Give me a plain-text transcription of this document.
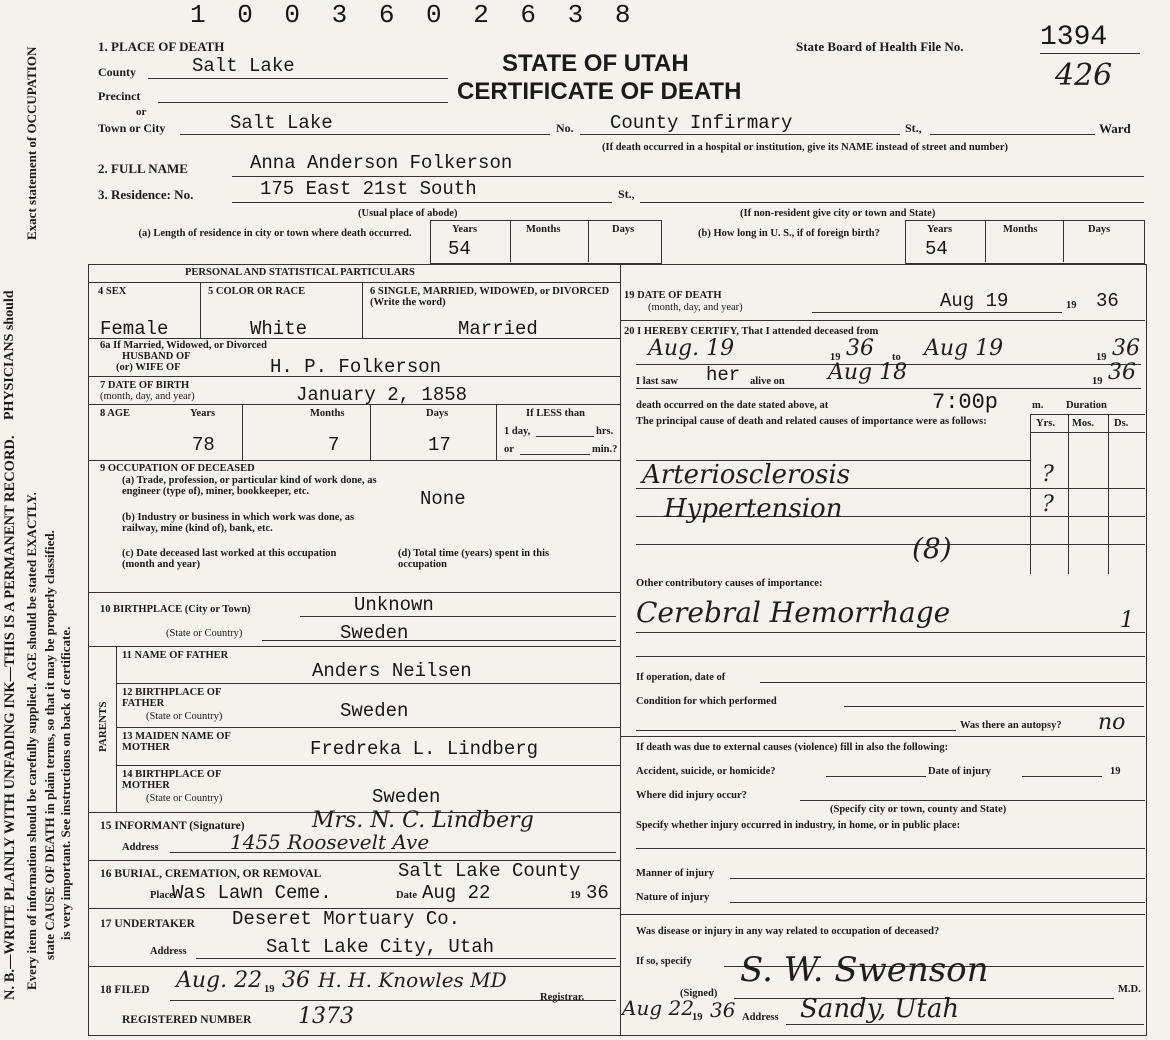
1 0 0 3 6 0 2 6 3 8
N. B.—WRITE PLAINLY WITH UNFADING INK—THIS IS A PERMANENT RECORD.
PHYSICIANS should
Every item of information should be carefully supplied. AGE should be stated EXACTLY.
Exact statement of OCCUPATION
state CAUSE OF DEATH in plain terms, so that it may be properly classified. is very important. See instructions on back of certificate.
1. PLACE OF DEATH
STATE OF UTAH
CERTIFICATE OF DEATH
State Board of Health File No.	1394
426
County	Salt Lake
Precinct
or
Town or City	Salt Lake	No. County Infirmary	St.,	Ward
(If death occurred in a hospital or institution, give its NAME instead of street and number)
2. FULL NAME	Anna Anderson Folkerson
3. Residence: No.	175 East 21st South	St.,
(Usual place of abode)	(If non-resident give city or town and State)
(a) Length of residence in city or town where death occurred.	Years	Months	Days
54
(b) How long in U. S., if of foreign birth?	Years	Months	Days
54
PERSONAL AND STATISTICAL PARTICULARS
4 SEX	5 COLOR OR RACE	6 SINGLE, MARRIED, WIDOWED, or DIVORCED (Write the word)
Female	White	Married
6a If Married, Widowed, or Divorced
HUSBAND OF
(or) WIFE OF	H. P. Folkerson
7 DATE OF BIRTH
(month, day, and year)	January 2, 1858
8 AGE	Years	Months	Days	If LESS than
1 day,	hrs.
or	min.?
78	7	17
9 OCCUPATION OF DECEASED
(a) Trade, profession, or particular kind of work done, as engineer (type of), miner, bookkeeper, etc.	None
(b) Industry or business in which work was done, as railway, mine (kind of), bank, etc.
(c) Date deceased last worked at this occupation (month and year)
(d) Total time (years) spent in this occupation
10 BIRTHPLACE (City or Town)	Unknown
(State or Country)	Sweden
PARENTS
11 NAME OF FATHER
Anders Neilsen
12 BIRTHPLACE OF FATHER
(State or Country)	Sweden
13 MAIDEN NAME OF MOTHER	Fredreka L. Lindberg
14 BIRTHPLACE OF MOTHER
(State or Country)	Sweden
15 INFORMANT (Signature)	Mrs. N. C. Lindberg
Address	1455 Roosevelt Ave
16 BURIAL, CREMATION, OR REMOVAL	Salt Lake County
Place
Was Lawn Ceme.	Date Aug 22	19 36
17 UNDERTAKER Deseret Mortuary Co.
Address	Salt Lake City, Utah
18 FILED Aug. 22 19 36 H. H. Knowles MD
Registrar.
REGISTERED NUMBER 1373
19 DATE OF DEATH
(month, day, and year)	Aug 19	19 36
20 I HEREBY CERTIFY, That I attended deceased from
Aug. 19	19 36 to Aug 19	19 36
I last saw her alive on Aug 18	19 36
death occurred on the date stated above, at	7:00p	m. Duration
The principal cause of death and related causes of importance were as follows:	Yrs. Mos. Ds.
Arteriosclerosis	?
Hypertension	?
(8)
Other contributory causes of importance:
Cerebral Hemorrhage	1
If operation, date of
Condition for which performed
Was there an autopsy? no
If death was due to external causes (violence) fill in also the following:
Accident, suicide, or homicide?	Date of injury	19
Where did injury occur?
(Specify city or town, county and State)
Specify whether injury occurred in industry, in home, or in public place:
Manner of injury
Nature of injury
Was disease or injury in any way related to occupation of deceased?
If so, specify
(Signed)
S. W. Swenson	M.D.
Aug 22
19 36 Address Sandy, Utah
